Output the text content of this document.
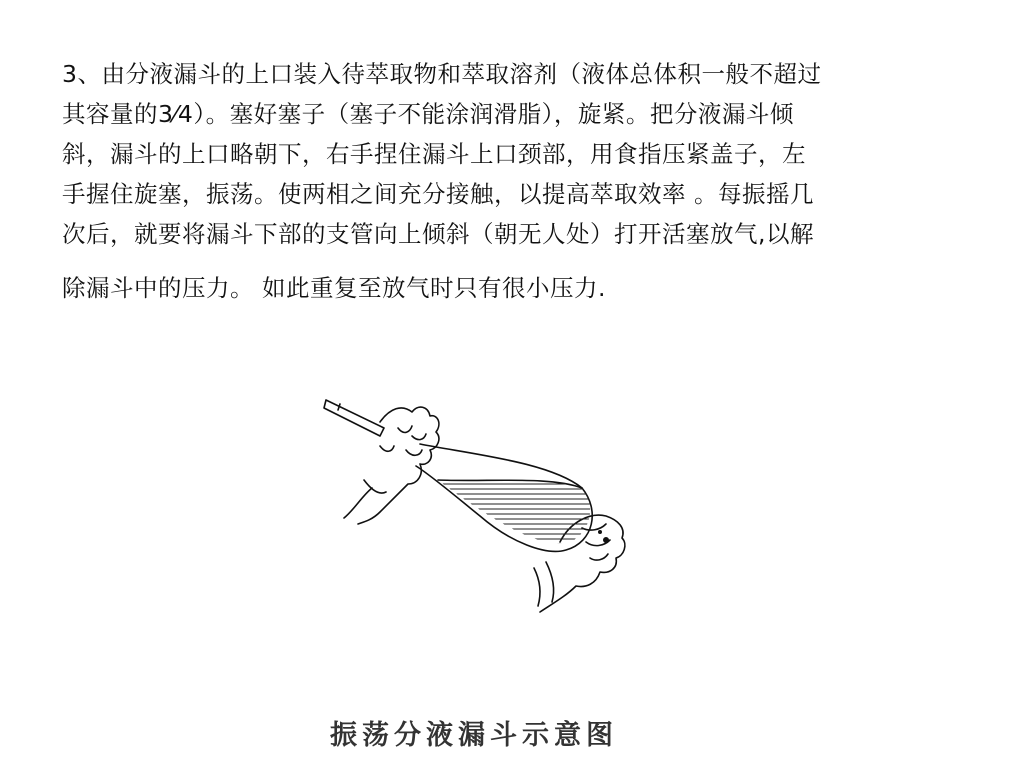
3、由分液漏斗的上口装入待萃取物和萃取溶剂（液体总体积一般不超过
其容量的3⁄4）。塞好塞子（塞子不能涂润滑脂），旋紧。把分液漏斗倾
斜，漏斗的上口略朝下，右手捏住漏斗上口颈部，用食指压紧盖子，左
手握住旋塞，振荡。使两相之间充分接触，以提高萃取效率 。每振摇几
次后，就要将漏斗下部的支管向上倾斜（朝无人处）打开活塞放气,以解
除漏斗中的压力。 如此重复至放气时只有很小压力.

振荡分液漏斗示意图
